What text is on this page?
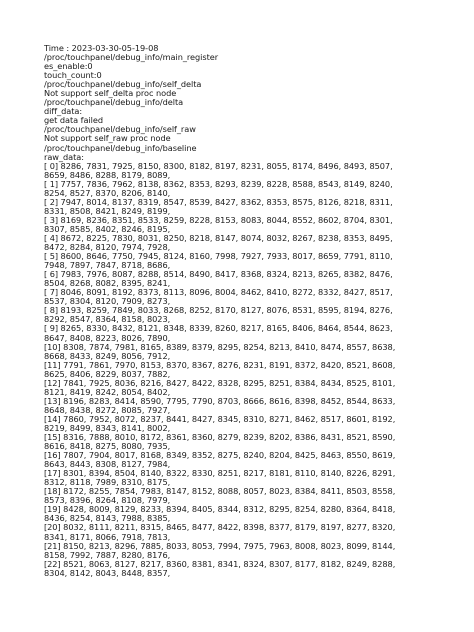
Time : 2023-03-30-05-19-08
/proc/touchpanel/debug_info/main_register
es_enable:0
touch_count:0
/proc/touchpanel/debug_info/self_delta
Not support self_delta proc node
/proc/touchpanel/debug_info/delta
diff_data:
get data failed
/proc/touchpanel/debug_info/self_raw
Not support self_raw proc node
/proc/touchpanel/debug_info/baseline
raw_data:
[ 0] 8286, 7831, 7925, 8150, 8300, 8182, 8197, 8231, 8055, 8174, 8496, 8493, 8507,
8659, 8486, 8288, 8179, 8089,
[ 1] 7757, 7836, 7962, 8138, 8362, 8353, 8293, 8239, 8228, 8588, 8543, 8149, 8240,
8254, 8527, 8370, 8206, 8140,
[ 2] 7947, 8014, 8137, 8319, 8547, 8539, 8427, 8362, 8353, 8575, 8126, 8218, 8311,
8331, 8508, 8421, 8249, 8199,
[ 3] 8169, 8236, 8351, 8533, 8259, 8228, 8153, 8083, 8044, 8552, 8602, 8704, 8301,
8307, 8585, 8402, 8246, 8195,
[ 4] 8672, 8225, 7830, 8031, 8250, 8218, 8147, 8074, 8032, 8267, 8238, 8353, 8495,
8472, 8284, 8120, 7974, 7928,
[ 5] 8600, 8646, 7750, 7945, 8124, 8160, 7998, 7927, 7933, 8017, 8659, 7791, 8110,
7948, 7897, 7847, 8718, 8686,
[ 6] 7983, 7976, 8087, 8288, 8514, 8490, 8417, 8368, 8324, 8213, 8265, 8382, 8476,
8504, 8268, 8082, 8395, 8241,
[ 7] 8046, 8091, 8192, 8373, 8113, 8096, 8004, 8462, 8410, 8272, 8332, 8427, 8517,
8537, 8304, 8120, 7909, 8273,
[ 8] 8193, 8259, 7849, 8033, 8268, 8252, 8170, 8127, 8076, 8531, 8595, 8194, 8276,
8292, 8547, 8364, 8158, 8023,
[ 9] 8265, 8330, 8432, 8121, 8348, 8339, 8260, 8217, 8165, 8406, 8464, 8544, 8623,
8647, 8408, 8223, 8026, 7890,
[10] 8308, 7874, 7981, 8165, 8389, 8379, 8295, 8254, 8213, 8410, 8474, 8557, 8638,
8668, 8433, 8249, 8056, 7912,
[11] 7791, 7861, 7970, 8153, 8370, 8367, 8276, 8231, 8191, 8372, 8420, 8521, 8608,
8625, 8406, 8229, 8037, 7882,
[12] 7841, 7925, 8036, 8216, 8427, 8422, 8328, 8295, 8251, 8384, 8434, 8525, 8101,
8121, 8419, 8242, 8054, 8402,
[13] 8196, 8283, 8414, 8590, 7795, 7790, 8703, 8666, 8616, 8398, 8452, 8544, 8633,
8648, 8438, 8272, 8085, 7927,
[14] 7860, 7952, 8072, 8237, 8441, 8427, 8345, 8310, 8271, 8462, 8517, 8601, 8192,
8219, 8499, 8343, 8141, 8002,
[15] 8316, 7888, 8010, 8172, 8361, 8360, 8279, 8239, 8202, 8386, 8431, 8521, 8590,
8616, 8418, 8275, 8080, 7935,
[16] 7807, 7904, 8017, 8168, 8349, 8352, 8275, 8240, 8204, 8425, 8463, 8550, 8619,
8643, 8443, 8308, 8127, 7984,
[17] 8301, 8394, 8504, 8140, 8322, 8330, 8251, 8217, 8181, 8110, 8140, 8226, 8291,
8312, 8118, 7989, 8310, 8175,
[18] 8172, 8255, 7854, 7983, 8147, 8152, 8088, 8057, 8023, 8384, 8411, 8503, 8558,
8573, 8396, 8264, 8108, 7979,
[19] 8428, 8009, 8129, 8233, 8394, 8405, 8344, 8312, 8295, 8254, 8280, 8364, 8418,
8436, 8254, 8143, 7988, 8385,
[20] 8032, 8111, 8211, 8315, 8465, 8477, 8422, 8398, 8377, 8179, 8197, 8277, 8320,
8341, 8171, 8066, 7918, 7813,
[21] 8150, 8213, 8296, 7885, 8033, 8053, 7994, 7975, 7963, 8008, 8023, 8099, 8144,
8158, 7992, 7887, 8280, 8176,
[22] 8521, 8063, 8127, 8217, 8360, 8381, 8341, 8324, 8307, 8177, 8182, 8249, 8288,
8304, 8142, 8043, 8448, 8357,
